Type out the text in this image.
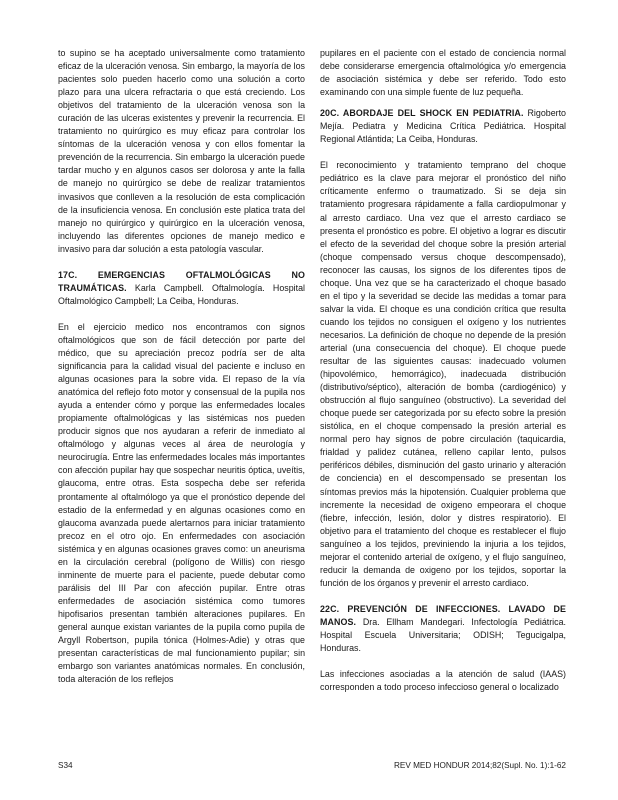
to supino se ha aceptado universalmente como tratamiento eficaz de la ulceración venosa. Sin embargo, la mayoría de los pacientes solo pueden hacerlo como una solución a corto plazo para una ulcera refractaria o que está creciendo. Los objetivos del tratamiento de la ulceración venosa son la curación de las ulceras existentes y prevenir la recurrencia. El tratamiento no quirúrgico es muy eficaz para controlar los síntomas de la ulceración venosa y con ellos fomentar la prevención de la recurrencia. Sin embargo la ulceración puede tardar mucho y en algunos casos ser dolorosa y ante la falla de manejo no quirúrgico se debe de realizar tratamientos invasivos que conlleven a la resolución de esta complicación de la insuficiencia venosa. En conclusión este platica trata del manejo no quirúrgico y quirúrgico en la ulceración venosa, incluyendo las diferentes opciones de manejo medico e invasivo para dar solución a esta patología vascular.

17C. EMERGENCIAS OFTALMOLÓGICAS NO TRAUMÁTICAS. Karla Campbell. Oftalmología. Hospital Oftalmológico Campbell; La Ceiba, Honduras.

En el ejercicio medico nos encontramos con signos oftalmológicos que son de fácil detección por parte del médico, que su apreciación precoz podría ser de alta significancia para la calidad visual del paciente e incluso en algunas ocasiones para la sobre vida. El repaso de la vía anatómica del reflejo foto motor y consensual de la pupila nos ayuda a entender cómo y porque las enfermedades locales propiamente oftalmológicas y las sistémicas nos pueden producir signos que nos ayudaran a referir de inmediato al oftalmólogo y algunas veces al área de neurología y neurocirugía. Entre las enfermedades locales más importantes con afección pupilar hay que sospechar neuritis óptica, uveítis, glaucoma, entre otras. Esta sospecha debe ser referida prontamente al oftalmólogo ya que el pronóstico depende del estadio de la enfermedad y en algunas ocasiones como en glaucoma avanzada puede alertarnos para iniciar tratamiento precoz en el otro ojo. En enfermedades con asociación sistémica y en algunas ocasiones graves como: un aneurisma en la circulación cerebral (polígono de Willis) con riesgo inminente de muerte para el paciente, puede debutar como parálisis del III Par con afección pupilar. Entre otras enfermedades de asociación sistémica como tumores hipofisarios presentan también alteraciones pupilares. En general aunque existan variantes de la pupila como pupila de Argyll Robertson, pupila tónica (Holmes-Adie) y otras que presentan características de mal funcionamiento pupilar; sin embargo son variantes anatómicas normales. En conclusión, toda alteración de los reflejos

pupilares en el paciente con el estado de conciencia normal debe considerarse emergencia oftalmológica y/o emergencia de asociación sistémica y debe ser referido. Todo esto examinando con una simple fuente de luz pequeña.

20C. ABORDAJE DEL SHOCK EN PEDIATRIA. Rigoberto Mejía. Pediatra y Medicina Crítica Pediátrica. Hospital Regional Atlántida; La Ceiba, Honduras.

El reconocimiento y tratamiento temprano del choque pediátrico es la clave para mejorar el pronóstico del niño críticamente enfermo o traumatizado. Si se deja sin tratamiento progresara rápidamente a falla cardiopulmonar y al arresto cardiaco. Una vez que el arresto cardiaco se presenta el pronóstico es pobre. El objetivo a lograr es discutir el efecto de la severidad del choque sobre la presión arterial (choque compensado versus choque descompensado), reconocer las causas, los signos de los diferentes tipos de choque. Una vez que se ha caracterizado el choque basado en el tipo y la severidad se decide las medidas a tomar para salvar la vida. El choque es una condición crítica que resulta cuando los tejidos no consiguen el oxígeno y los nutrientes necesarios. La definición de choque no depende de la presión arterial (una consecuencia del choque). El choque puede resultar de las siguientes causas: inadecuado volumen (hipovolémico, hemorrágico), inadecuada distribución (distributivo/séptico), alteración de bomba (cardiogénico) y obstrucción al flujo sanguíneo (obstructivo). La severidad del choque puede ser categorizada por su efecto sobre la presión sistólica, en el choque compensado la presión arterial es normal pero hay signos de pobre circulación (taquicardia, frialdad y palidez cutánea, relleno capilar lento, pulsos periféricos débiles, disminución del gasto urinario y alteración de conciencia) en el descompensado se presentan los síntomas previos más la hipotensión. Cualquier problema que incremente la necesidad de oxigeno empeorara el choque (fiebre, infección, lesión, dolor y distres respiratorio). El objetivo para el tratamiento del choque es restablecer el flujo sanguíneo a los tejidos, previniendo la injuria a los tejidos, mejorar el contenido arterial de oxígeno, y el flujo sanguíneo, reducir la demanda de oxigeno por los tejidos, soportar la función de los órganos y prevenir el arresto cardiaco.

22C. PREVENCIÓN DE INFECCIONES. LAVADO DE MANOS. Dra. Ellham Mandegari. Infectología Pediátrica. Hospital Escuela Universitaria; ODISH; Tegucigalpa, Honduras.

Las infecciones asociadas a la atención de salud (IAAS) corresponden a todo proceso infeccioso general o localizado

S34	REV MED HONDUR 2014;82(Supl. No. 1):1-62
